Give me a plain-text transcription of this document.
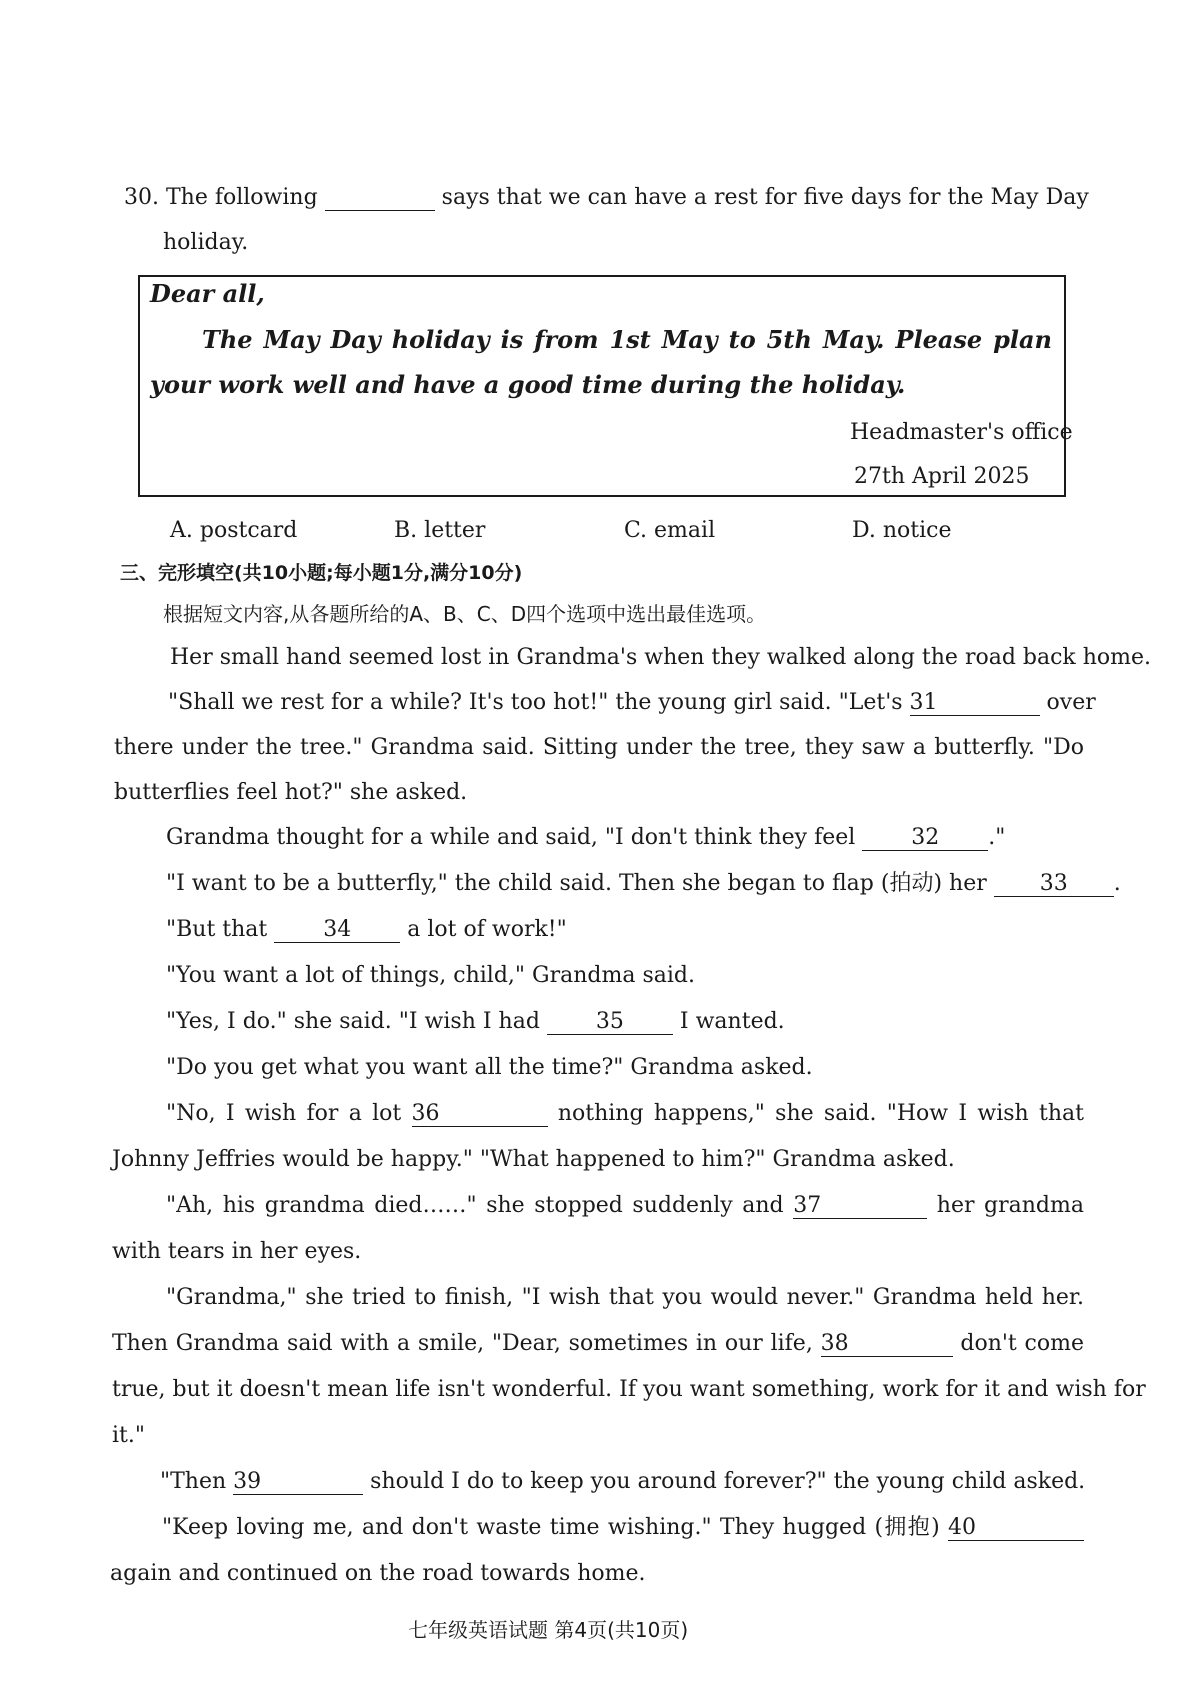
30. The following	says that we can have a rest for five days for the May Day
holiday.
Dear all,
The May Day holiday is from 1st May to 5th May. Please plan
your work well and have a good time during the holiday.
Headmaster's office
27th April 2025
A. postcard	B. letter	C. email	D. notice
三、完形填空(共10小题;每小题1分,满分10分)
根据短文内容,从各题所给的A、B、C、D四个选项中选出最佳选项。
Her small hand seemed lost in Grandma's when they walked along the road back home.
"Shall we rest for a while? It's too hot!" the young girl said. "Let's 31	over
there under the tree." Grandma said. Sitting under the tree, they saw a butterfly. "Do
butterflies feel hot?" she asked.
Grandma thought for a while and said, "I don't think they feel	32 ."
"I want to be a butterfly," the child said. Then she began to flap (拍动) her 33 .
"But that	34	a lot of work!"
"You want a lot of things, child," Grandma said.
"Yes, I do." she said. "I wish I had	35	I wanted.
"Do you get what you want all the time?" Grandma asked.
"No, I wish for a lot 36	nothing happens," she said. "How I wish that
Johnny Jeffries would be happy." "What happened to him?" Grandma asked.
"Ah, his grandma died……" she stopped suddenly and 37	her grandma
with tears in her eyes.
"Grandma," she tried to finish, "I wish that you would never." Grandma held her.
Then Grandma said with a smile, "Dear, sometimes in our life, 38	don't come
true, but it doesn't mean life isn't wonderful. If you want something, work for it and wish for
it."
"Then 39	should I do to keep you around forever?" the young child asked.
"Keep loving me, and don't waste time wishing." They hugged (拥抱) 40
again and continued on the road towards home.
七年级英语试题 第4页(共10页)
